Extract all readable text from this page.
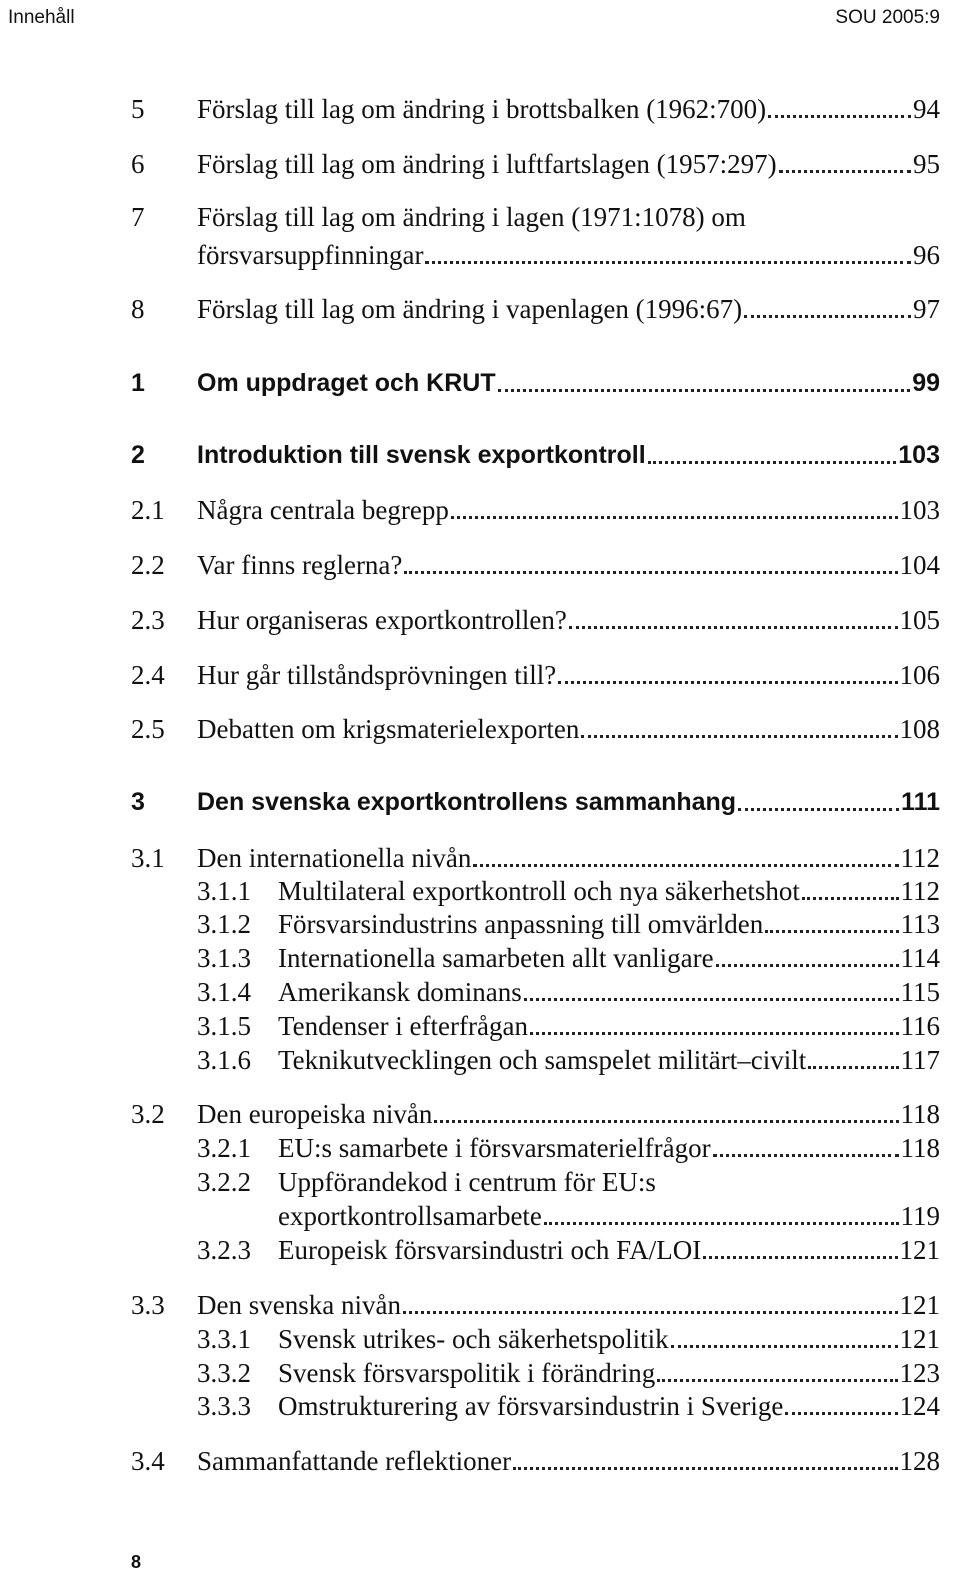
Innehåll	SOU 2005:9
5 Förslag till lag om ändring i brottsbalken (1962:700)	94
6 Förslag till lag om ändring i luftfartslagen (1957:297)	95
7 Förslag till lag om ändring i lagen (1971:1078) om
försvarsuppfinningar	96
8 Förslag till lag om ändring i vapenlagen (1996:67)	97
1 Om uppdraget och KRUT	99
2 Introduktion till svensk exportkontroll	103
2.1 Några centrala begrepp	103
2.2 Var finns reglerna?	104
2.3 Hur organiseras exportkontrollen?	105
2.4 Hur går tillståndsprövningen till?	106
2.5 Debatten om krigsmaterielexporten	108
3 Den svenska exportkontrollens sammanhang	111
3.1 Den internationella nivån	112
3.1.1 Multilateral exportkontroll och nya säkerhetshot	112
3.1.2 Försvarsindustrins anpassning till omvärlden	113
3.1.3 Internationella samarbeten allt vanligare	114
3.1.4 Amerikansk dominans	115
3.1.5 Tendenser i efterfrågan	116
3.1.6 Teknikutvecklingen och samspelet militärt–civilt	117
3.2 Den europeiska nivån	118
3.2.1 EU:s samarbete i försvarsmaterielfrågor	118
3.2.2 Uppförandekod i centrum för EU:s
exportkontrollsamarbete	119
3.2.3 Europeisk försvarsindustri och FA/LOI	121
3.3 Den svenska nivån	121
3.3.1 Svensk utrikes- och säkerhetspolitik	121
3.3.2 Svensk försvarspolitik i förändring	123
3.3.3 Omstrukturering av försvarsindustrin i Sverige	124
3.4 Sammanfattande reflektioner	128
8
